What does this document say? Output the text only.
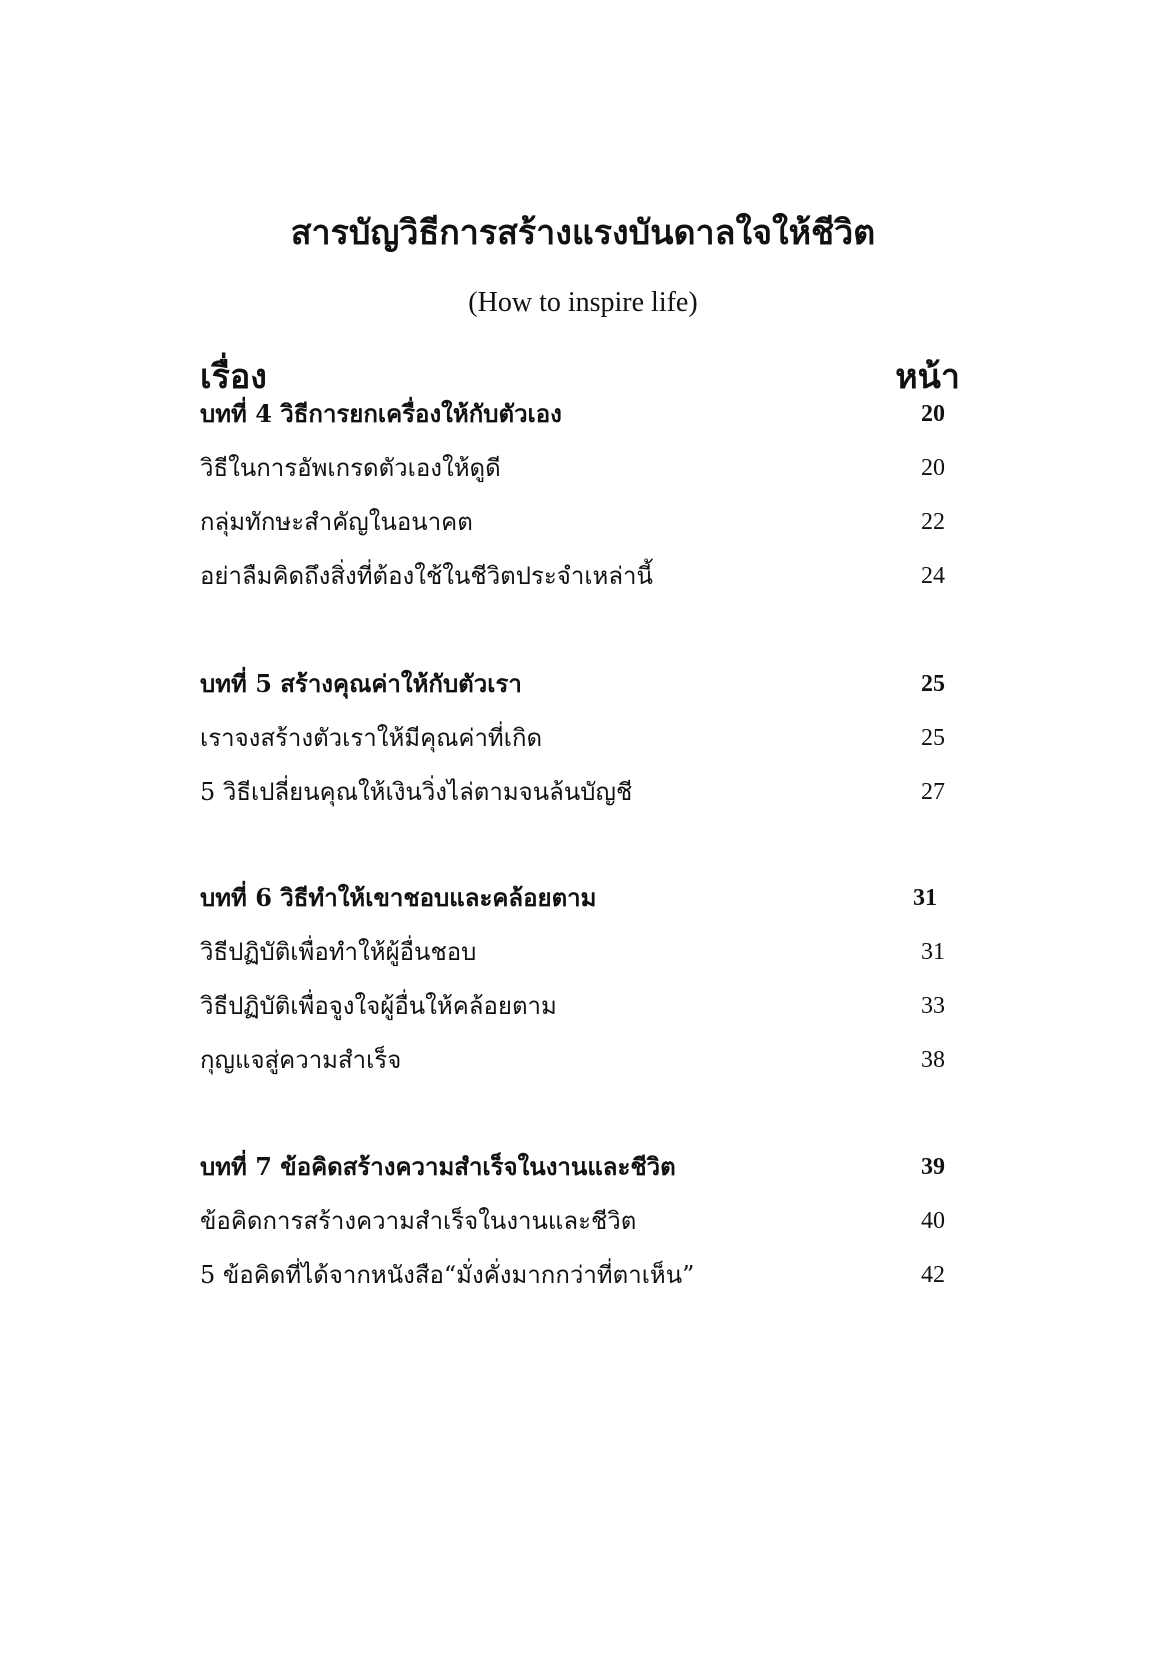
สารบัญวิธีการสร้างแรงบันดาลใจให้ชีวิต
(How to inspire life)
เรื่อง	หน้า
บทที่ 4 วิธีการยกเครื่องให้กับตัวเอง	20
วิธีในการอัพเกรดตัวเองให้ดูดี	20
กลุ่มทักษะสำคัญในอนาคต	22
อย่าลืมคิดถึงสิ่งที่ต้องใช้ในชีวิตประจำเหล่านี้	24
บทที่ 5 สร้างคุณค่าให้กับตัวเรา	25
เราจงสร้างตัวเราให้มีคุณค่าที่เกิด	25
5 วิธีเปลี่ยนคุณให้เงินวิ่งไล่ตามจนล้นบัญชี	27
บทที่ 6 วิธีทำให้เขาชอบและคล้อยตาม	31
วิธีปฏิบัติเพื่อทำให้ผู้อื่นชอบ	31
วิธีปฏิบัติเพื่อจูงใจผู้อื่นให้คล้อยตาม	33
กุญแจสู่ความสำเร็จ	38
บทที่ 7 ข้อคิดสร้างความสำเร็จในงานและชีวิต	39
ข้อคิดการสร้างความสำเร็จในงานและชีวิต	40
5 ข้อคิดที่ได้จากหนังสือ“มั่งคั่งมากกว่าที่ตาเห็น”	42
